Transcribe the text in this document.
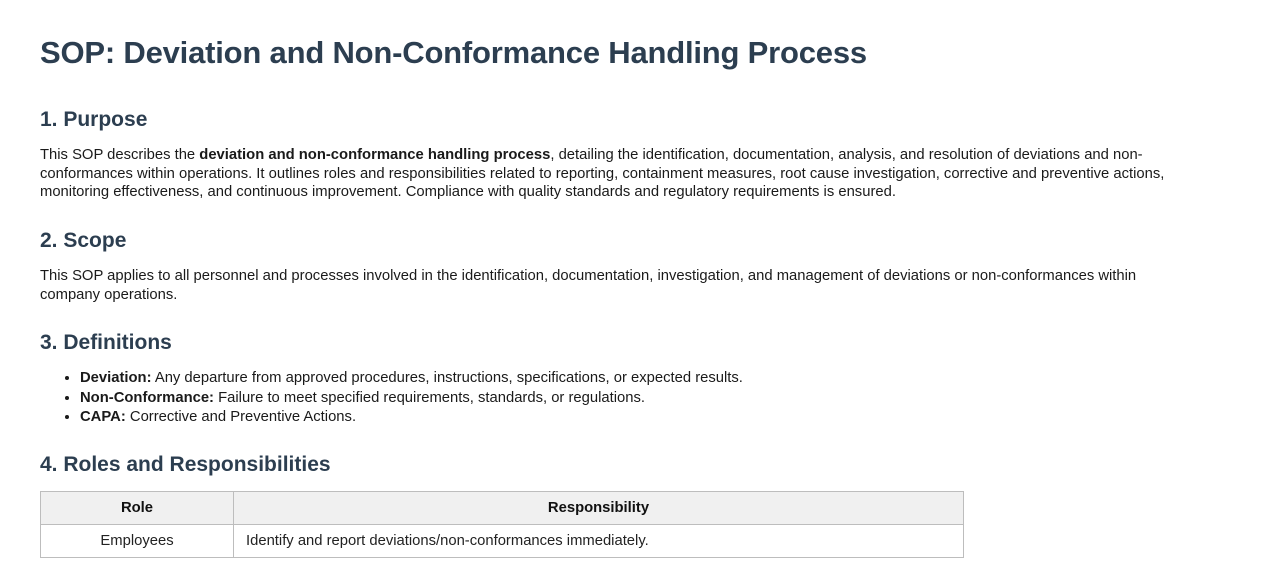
SOP: Deviation and Non-Conformance Handling Process
1. Purpose

This SOP describes the deviation and non-conformance handling process, detailing the identification, documentation, analysis, and resolution of deviations and non-conformances within operations. It outlines roles and responsibilities related to reporting, containment measures, root cause investigation, corrective and preventive actions, monitoring effectiveness, and continuous improvement. Compliance with quality standards and regulatory requirements is ensured.

2. Scope

This SOP applies to all personnel and processes involved in the identification, documentation, investigation, and management of deviations or non-conformances within company operations.

3. Definitions
• Deviation: Any departure from approved procedures, instructions, specifications, or expected results.
• Non-Conformance: Failure to meet specified requirements, standards, or regulations.
• CAPA: Corrective and Preventive Actions.
4. Roles and Responsibilities
Role	Responsibility
Employees	Identify and report deviations/non-conformances immediately.
